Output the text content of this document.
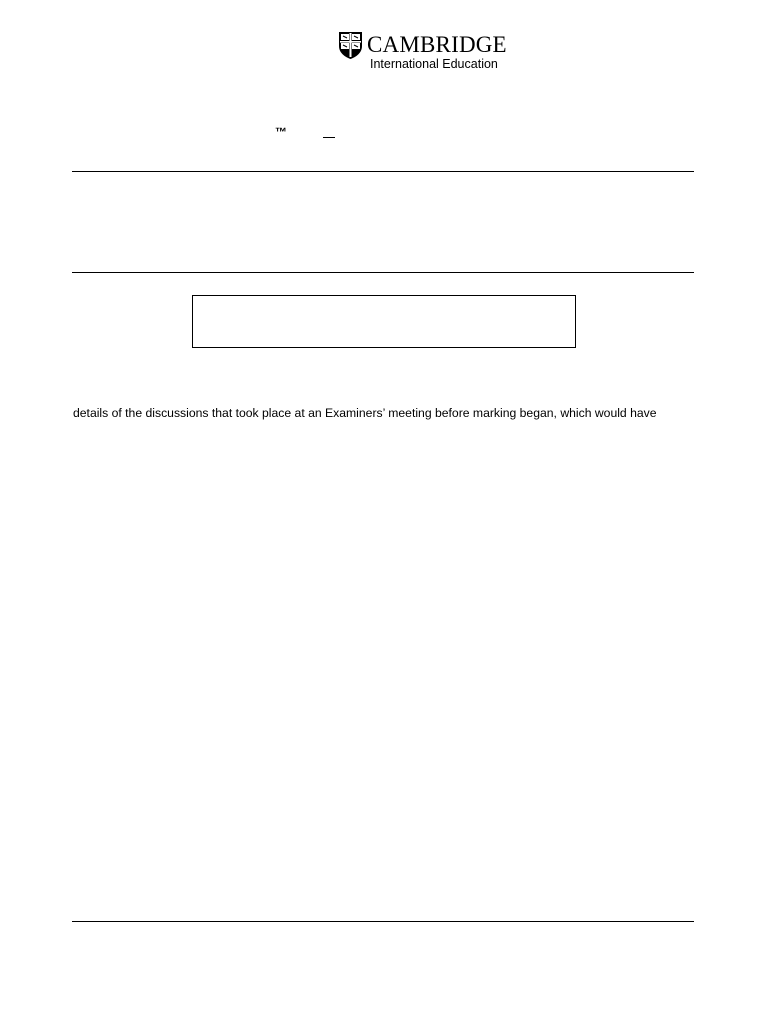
CAMBRIDGE
International Education
™
details of the discussions that took place at an Examiners’ meeting before marking began, which would have
